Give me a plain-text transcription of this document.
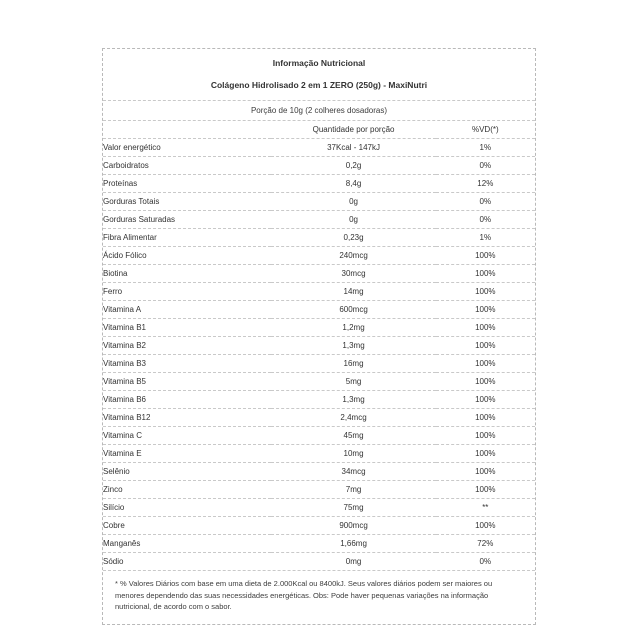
Informação Nutricional
Colágeno Hidrolisado 2 em 1 ZERO (250g) - MaxiNutri
Porção de 10g (2 colheres dosadoras)
	Quantidade por porção	%VD(*)
Valor energético	37Kcal - 147kJ	1%
Carboidratos	0,2g	0%
Proteínas	8,4g	12%
Gorduras Totais	0g	0%
Gorduras Saturadas	0g	0%
Fibra Alimentar	0,23g	1%
Ácido Fólico	240mcg	100%
Biotina	30mcg	100%
Ferro	14mg	100%
Vitamina A	600mcg	100%
Vitamina B1	1,2mg	100%
Vitamina B2	1,3mg	100%
Vitamina B3	16mg	100%
Vitamina B5	5mg	100%
Vitamina B6	1,3mg	100%
Vitamina B12	2,4mcg	100%
Vitamina C	45mg	100%
Vitamina E	10mg	100%
Selênio	34mcg	100%
Zinco	7mg	100%
Silício	75mg	**
Cobre	900mcg	100%
Manganês	1,66mg	72%
Sódio	0mg	0%
* % Valores Diários com base em uma dieta de 2.000Kcal ou 8400kJ. Seus valores diários podem ser maiores ou menores dependendo das suas necessidades energéticas. Obs: Pode haver pequenas variações na informação nutricional, de acordo com o sabor.
